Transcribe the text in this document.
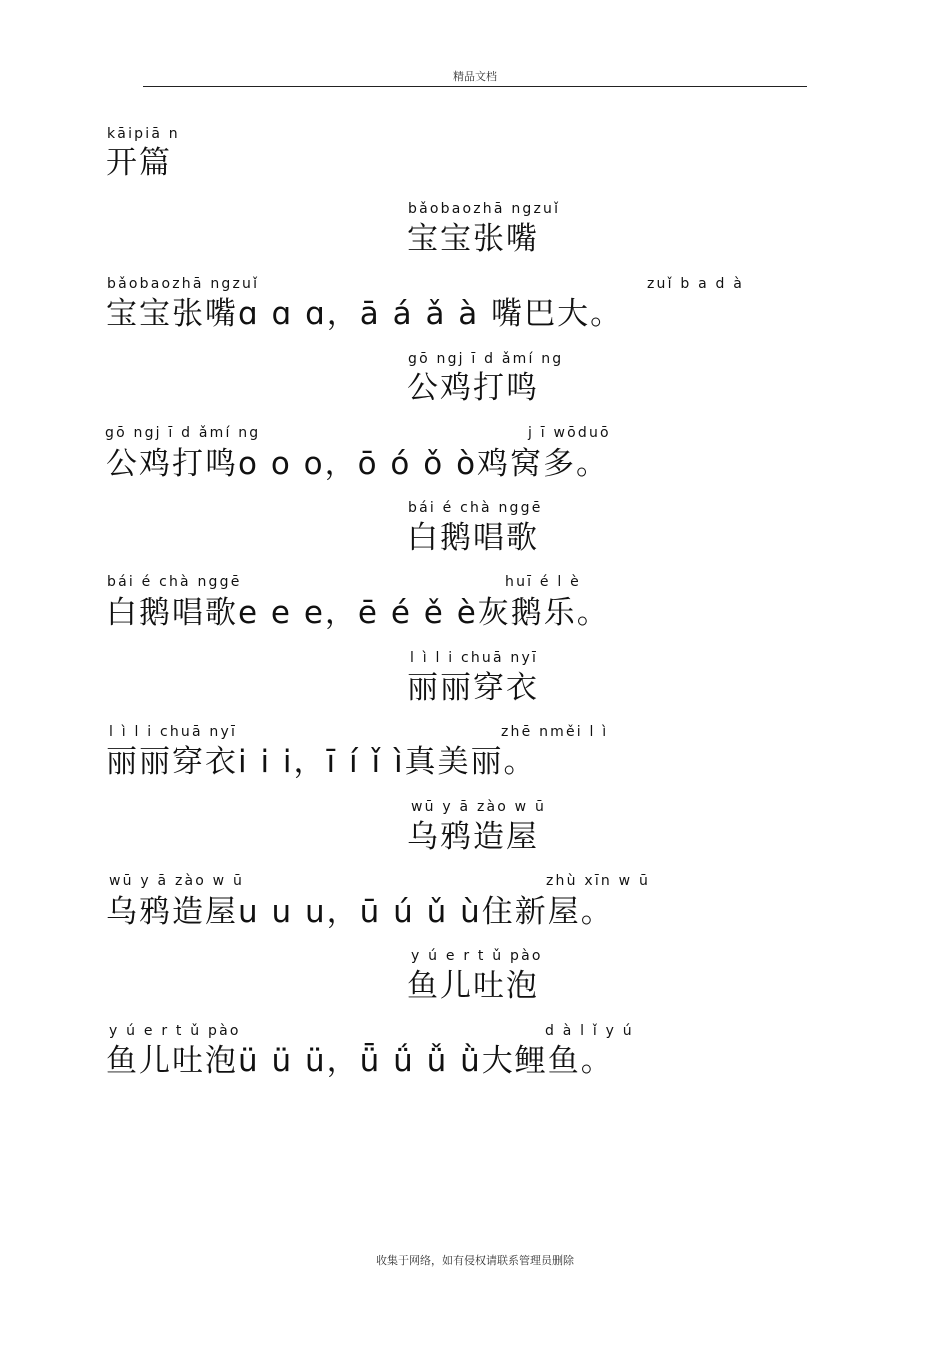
精品文档
kāipiā n
开篇
bǎobaozhā ngzuǐ
宝宝张嘴
bǎobaozhā ngzuǐ	zuǐ b a d à
宝宝张嘴ɑ ɑ ɑ，ā á ǎ à 嘴巴大。
gō ngj ī d ǎmí ng
公鸡打鸣
gō ngj ī d ǎmí ng	j ī wōduō
公鸡打鸣o o o，ō ó ǒ ò鸡窝多。
bái é chà nggē
白鹅唱歌
bái é chà nggē	huī é l è
白鹅唱歌e e e，ē é ě è灰鹅乐。
l ì l i chuā nyī
丽丽穿衣
l ì l i chuā nyī	zhē nměi l ì
丽丽穿衣i i i，ī í ǐ ì真美丽。
wū y ā zào w ū
乌鸦造屋
wū y ā zào w ū	zhù xīn w ū
乌鸦造屋u u u，ū ú ǔ ù住新屋。
y ú e r t ǔ pào
鱼儿吐泡
y ú e r t ǔ pào	d à l ǐ y ú
鱼儿吐泡ü ü ü，ǖ ǘ ǚ ǜ大鲤鱼。
收集于网络，如有侵权请联系管理员删除
